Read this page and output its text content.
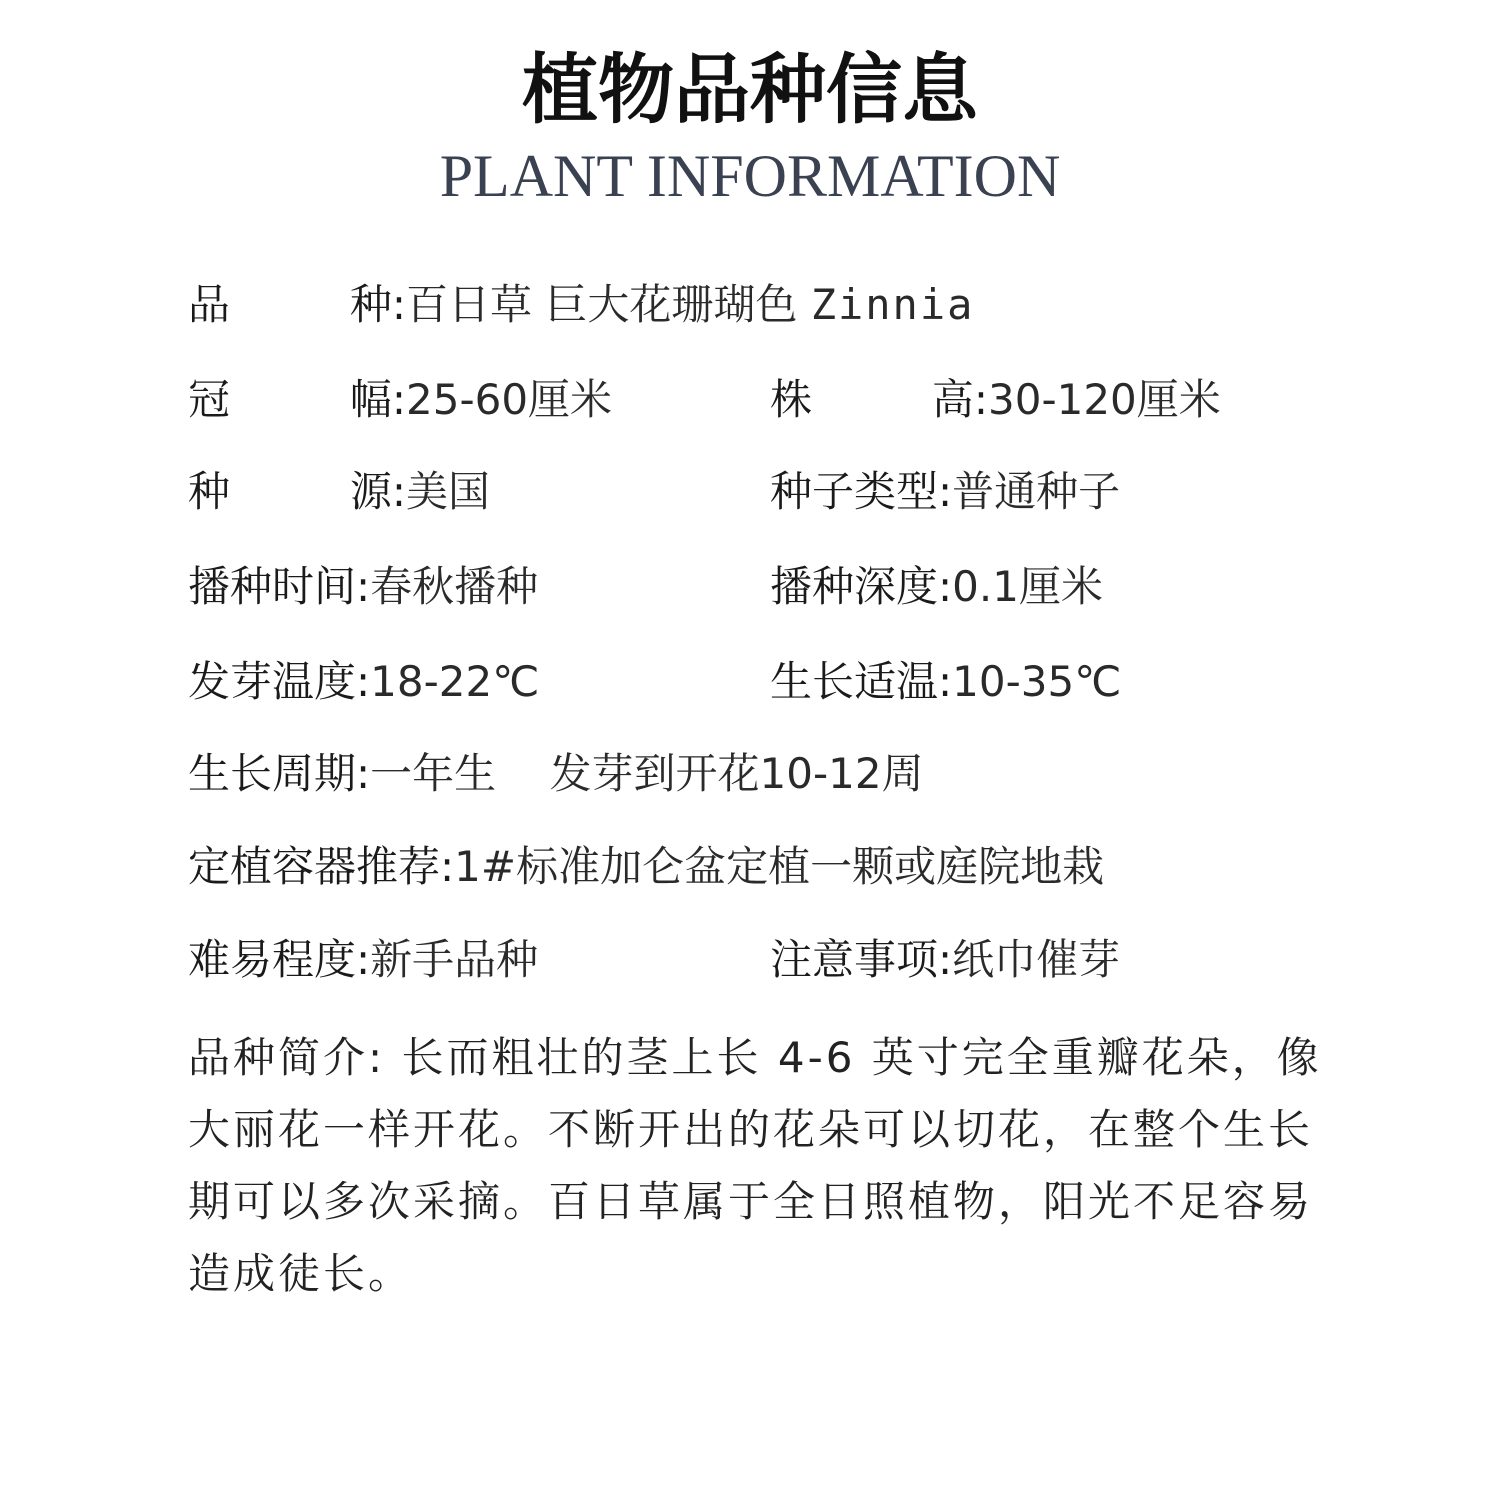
植物品种信息
PLANT INFORMATION
品	种: 百日草 巨大花珊瑚色 Zinnia
冠	幅: 25-60厘米	株	高: 30-120厘米
种	源: 美国	种子类型:普通种子
播种时间:春秋播种	播种深度:0.1厘米
发芽温度:18-22℃	生长适温:10-35℃
生长周期:一年生    发芽到开花10-12周
定植容器推荐:1#标准加仑盆定植一颗或庭院地栽
难易程度:新手品种	注意事项:纸巾催芽
品种简介: 长而粗壮的茎上长 4-6 英寸完全重瓣花朵，像大丽花一样开花。不断开出的花朵可以切花，在整个生长期可以多次采摘。百日草属于全日照植物，阳光不足容易造成徒长。
